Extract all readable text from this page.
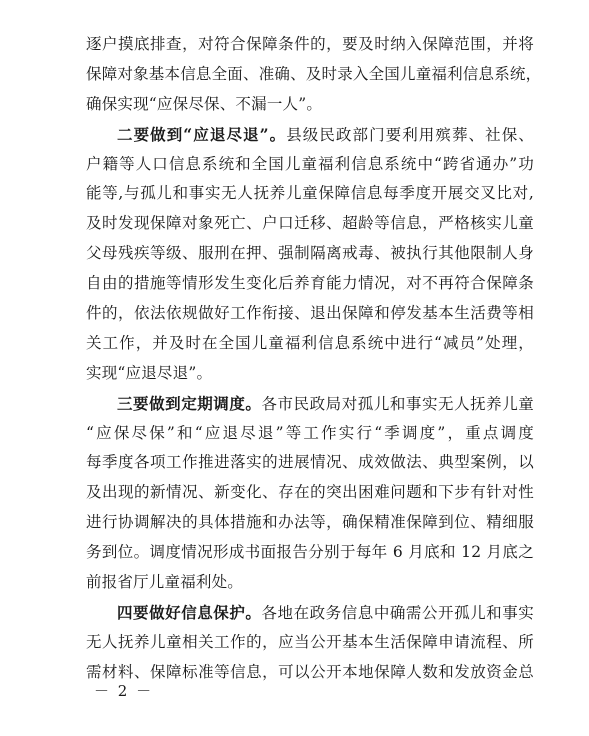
逐户摸底排查，对符合保障条件的，要及时纳入保障范围，并将
保障对象基本信息全面、准确、及时录入全国儿童福利信息系统，
确保实现“应保尽保、不漏一人”。
二要做到“应退尽退”。县级民政部门要利用殡葬、社保、
户籍等人口信息系统和全国儿童福利信息系统中“跨省通办”功
能等,与孤儿和事实无人抚养儿童保障信息每季度开展交叉比对,
及时发现保障对象死亡、户口迁移、超龄等信息，严格核实儿童
父母残疾等级、服刑在押、强制隔离戒毒、被执行其他限制人身
自由的措施等情形发生变化后养育能力情况，对不再符合保障条
件的，依法依规做好工作衔接、退出保障和停发基本生活费等相
关工作，并及时在全国儿童福利信息系统中进行“减员”处理，
实现“应退尽退”。
三要做到定期调度。各市民政局对孤儿和事实无人抚养儿童
“应保尽保”和“应退尽退”等工作实行“季调度”，重点调度
每季度各项工作推进落实的进展情况、成效做法、典型案例，以
及出现的新情况、新变化、存在的突出困难问题和下步有针对性
进行协调解决的具体措施和办法等，确保精准保障到位、精细服
务到位。调度情况形成书面报告分别于每年 6 月底和 12 月底之
前报省厅儿童福利处。
四要做好信息保护。各地在政务信息中确需公开孤儿和事实
无人抚养儿童相关工作的，应当公开基本生活保障申请流程、所
需材料、保障标准等信息，可以公开本地保障人数和发放资金总
－ 2 －
